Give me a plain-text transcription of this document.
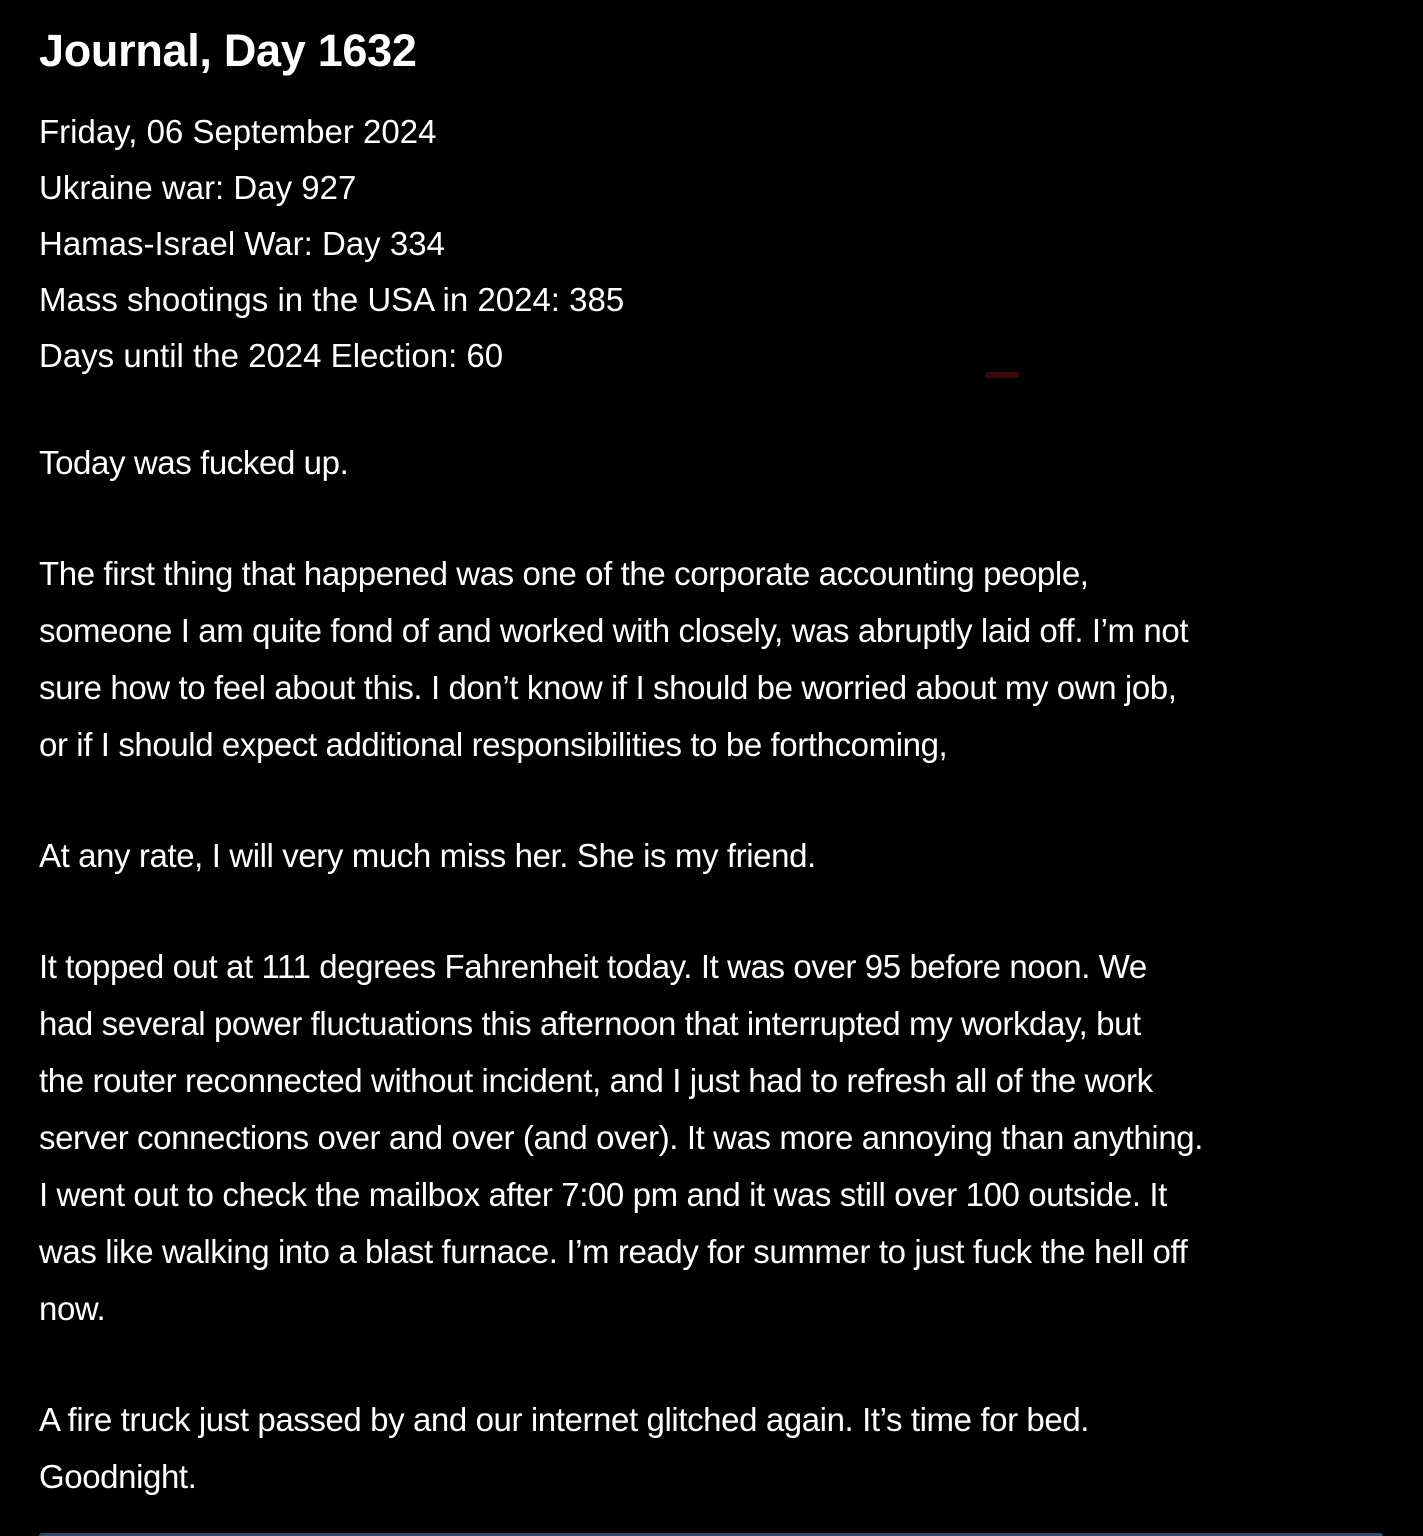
Journal, Day 1632
Friday, 06 September 2024
Ukraine war: Day 927
Hamas-Israel War: Day 334
Mass shootings in the USA in 2024: 385
Days until the 2024 Election: 60

Today was fucked up.

The first thing that happened was one of the corporate accounting people,
someone I am quite fond of and worked with closely, was abruptly laid off. I’m not
sure how to feel about this. I don’t know if I should be worried about my own job,
or if I should expect additional responsibilities to be forthcoming,

At any rate, I will very much miss her. She is my friend.

It topped out at 111 degrees Fahrenheit today. It was over 95 before noon. We
had several power fluctuations this afternoon that interrupted my workday, but
the router reconnected without incident, and I just had to refresh all of the work
server connections over and over (and over). It was more annoying than anything.
I went out to check the mailbox after 7:00 pm and it was still over 100 outside. It
was like walking into a blast furnace. I’m ready for summer to just fuck the hell off
now.

A fire truck just passed by and our internet glitched again. It’s time for bed.
Goodnight.
